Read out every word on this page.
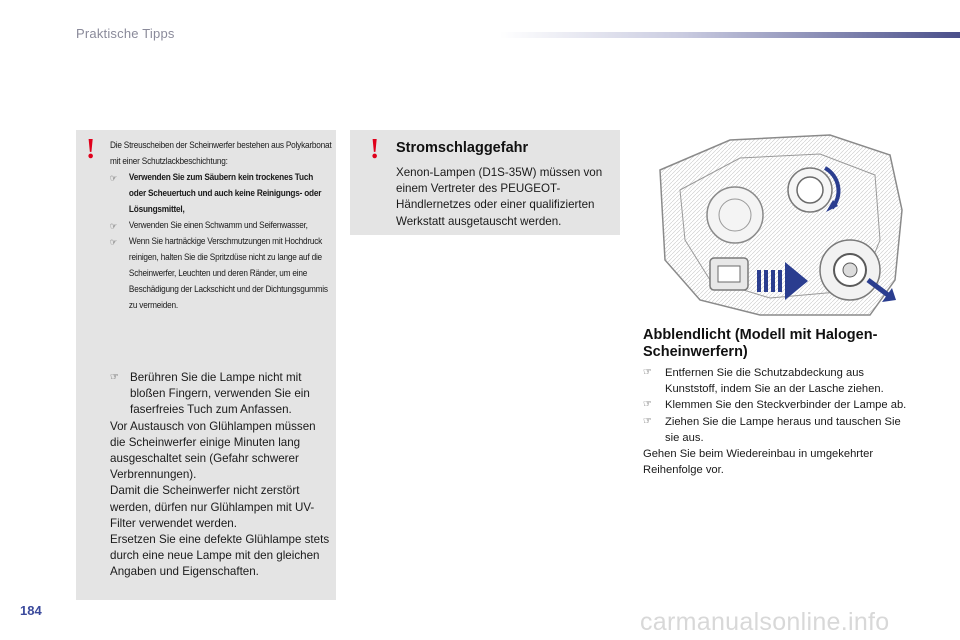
Praktische Tipps
! Die Streuscheiben der Scheinwerfer bestehen aus Polykarbonat mit einer Schutzlackbeschichtung:

☞	Verwenden Sie zum Säubern kein trockenes Tuch oder Scheuertuch und auch keine Reinigungs- oder Lösungsmittel,
☞	Verwenden Sie einen Schwamm und Seifenwasser,
☞	Wenn Sie hartnäckige Verschmutzungen mit Hochdruck reinigen, halten Sie die Spritzdüse nicht zu lange auf die Scheinwerfer, Leuchten und deren Ränder, um eine Beschädigung der Lackschicht und der Dichtungsgummis zu vermeiden.
☞ Berühren Sie die Lampe nicht mit bloßen Fingern, verwenden Sie ein faserfreies Tuch zum Anfassen.

Vor Austausch von Glühlampen müssen die Scheinwerfer einige Minuten lang ausgeschaltet sein (Gefahr schwerer Verbrennungen).

Damit die Scheinwerfer nicht zerstört werden, dürfen nur Glühlampen mit UV-Filter verwendet werden.

Ersetzen Sie eine defekte Glühlampe stets durch eine neue Lampe mit den gleichen Angaben und Eigenschaften.

! Stromschlaggefahr

Xenon-Lampen (D1S-35W) müssen von einem Vertreter des PEUGEOT-Händlernetzes oder einer qualifizierten Werkstatt ausgetauscht werden.

Abblendlicht (Modell mit Halogen-Scheinwerfern)
☞	Entfernen Sie die Schutzabdeckung aus Kunststoff, indem Sie an der Lasche ziehen.
☞	Klemmen Sie den Steckverbinder der Lampe ab.
☞	Ziehen Sie die Lampe heraus und tauschen Sie sie aus.

Gehen Sie beim Wiedereinbau in umgekehrter Reihenfolge vor.

184	carmanualsonline.info
